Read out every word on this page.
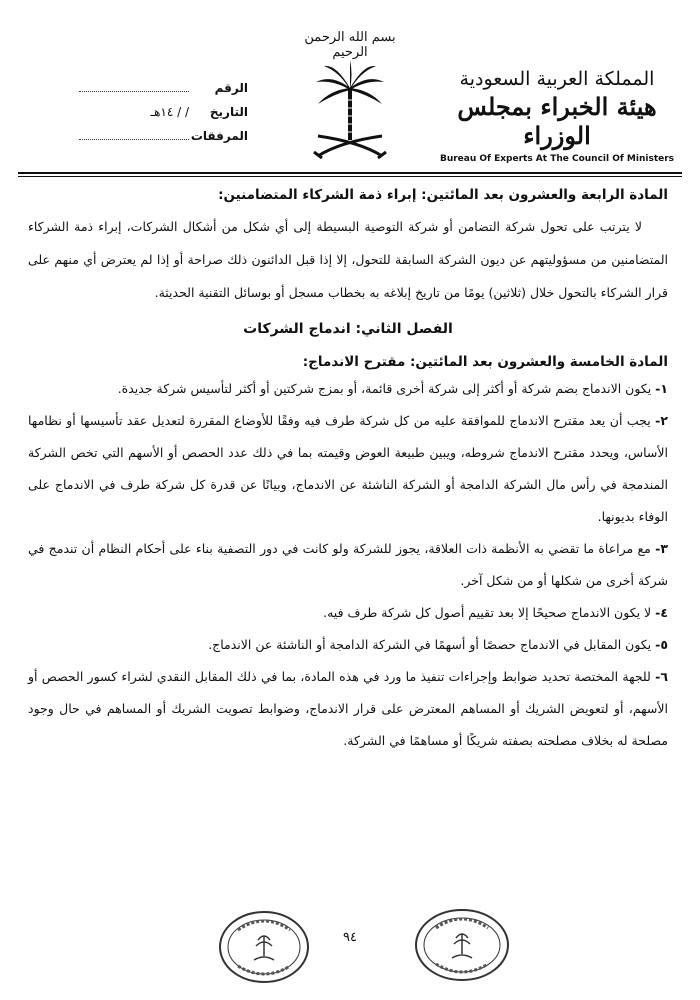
بسم الله الرحمن الرحيم
المملكة العربية السعودية
هيئة الخبراء بمجلس الوزراء
Bureau Of Experts At The Council Of Ministers
الرقم
التاريخ
/ / ١٤هـ
المرفقات
المادة الرابعة والعشرون بعد المائتين: إبراء ذمة الشركاء المتضامنين:
لا يترتب على تحول شركة التضامن أو شركة التوصية البسيطة إلى أي شكل من أشكال الشركات، إبراء ذمة الشركاء المتضامنين من مسؤوليتهم عن ديون الشركة السابقة للتحول، إلا إذا قبل الدائنون ذلك صراحة أو إذا لم يعترض أي منهم على قرار الشركاء بالتحول خلال (ثلاثين) يومًا من تاريخ إبلاغه به بخطاب مسجل أو بوسائل التقنية الحديثة.
الفصل الثاني: اندماج الشركات
المادة الخامسة والعشرون بعد المائتين: مقترح الاندماج:
١- يكون الاندماج بضم شركة أو أكثر إلى شركة أخرى قائمة، أو بمزج شركتين أو أكثر لتأسيس شركة جديدة.
٢- يجب أن يعد مقترح الاندماج للموافقة عليه من كل شركة طرف فيه وفقًا للأوضاع المقررة لتعديل عقد تأسيسها أو نظامها الأساس، ويحدد مقترح الاندماج شروطه، ويبين طبيعة العوض وقيمته بما في ذلك عدد الحصص أو الأسهم التي تخص الشركة المندمجة في رأس مال الشركة الدامجة أو الشركة الناشئة عن الاندماج، وبيانًا عن قدرة كل شركة طرف في الاندماج على الوفاء بديونها.
٣- مع مراعاة ما تقضي به الأنظمة ذات العلاقة، يجوز للشركة ولو كانت في دور التصفية بناء على أحكام النظام أن تندمج في شركة أخرى من شكلها أو من شكل آخر.
٤- لا يكون الاندماج صحيحًا إلا بعد تقييم أصول كل شركة طرف فيه.
٥- يكون المقابل في الاندماج حصصًا أو أسهمًا في الشركة الدامجة أو الناشئة عن الاندماج.
٦- للجهة المختصة تحديد ضوابط وإجراءات تنفيذ ما ورد في هذه المادة، بما في ذلك المقابل النقدي لشراء كسور الحصص أو الأسهم، أو لتعويض الشريك أو المساهم المعترض على قرار الاندماج، وضوابط تصويت الشريك أو المساهم في حال وجود مصلحة له بخلاف مصلحته بصفته شريكًا أو مساهمًا في الشركة.
٩٤
